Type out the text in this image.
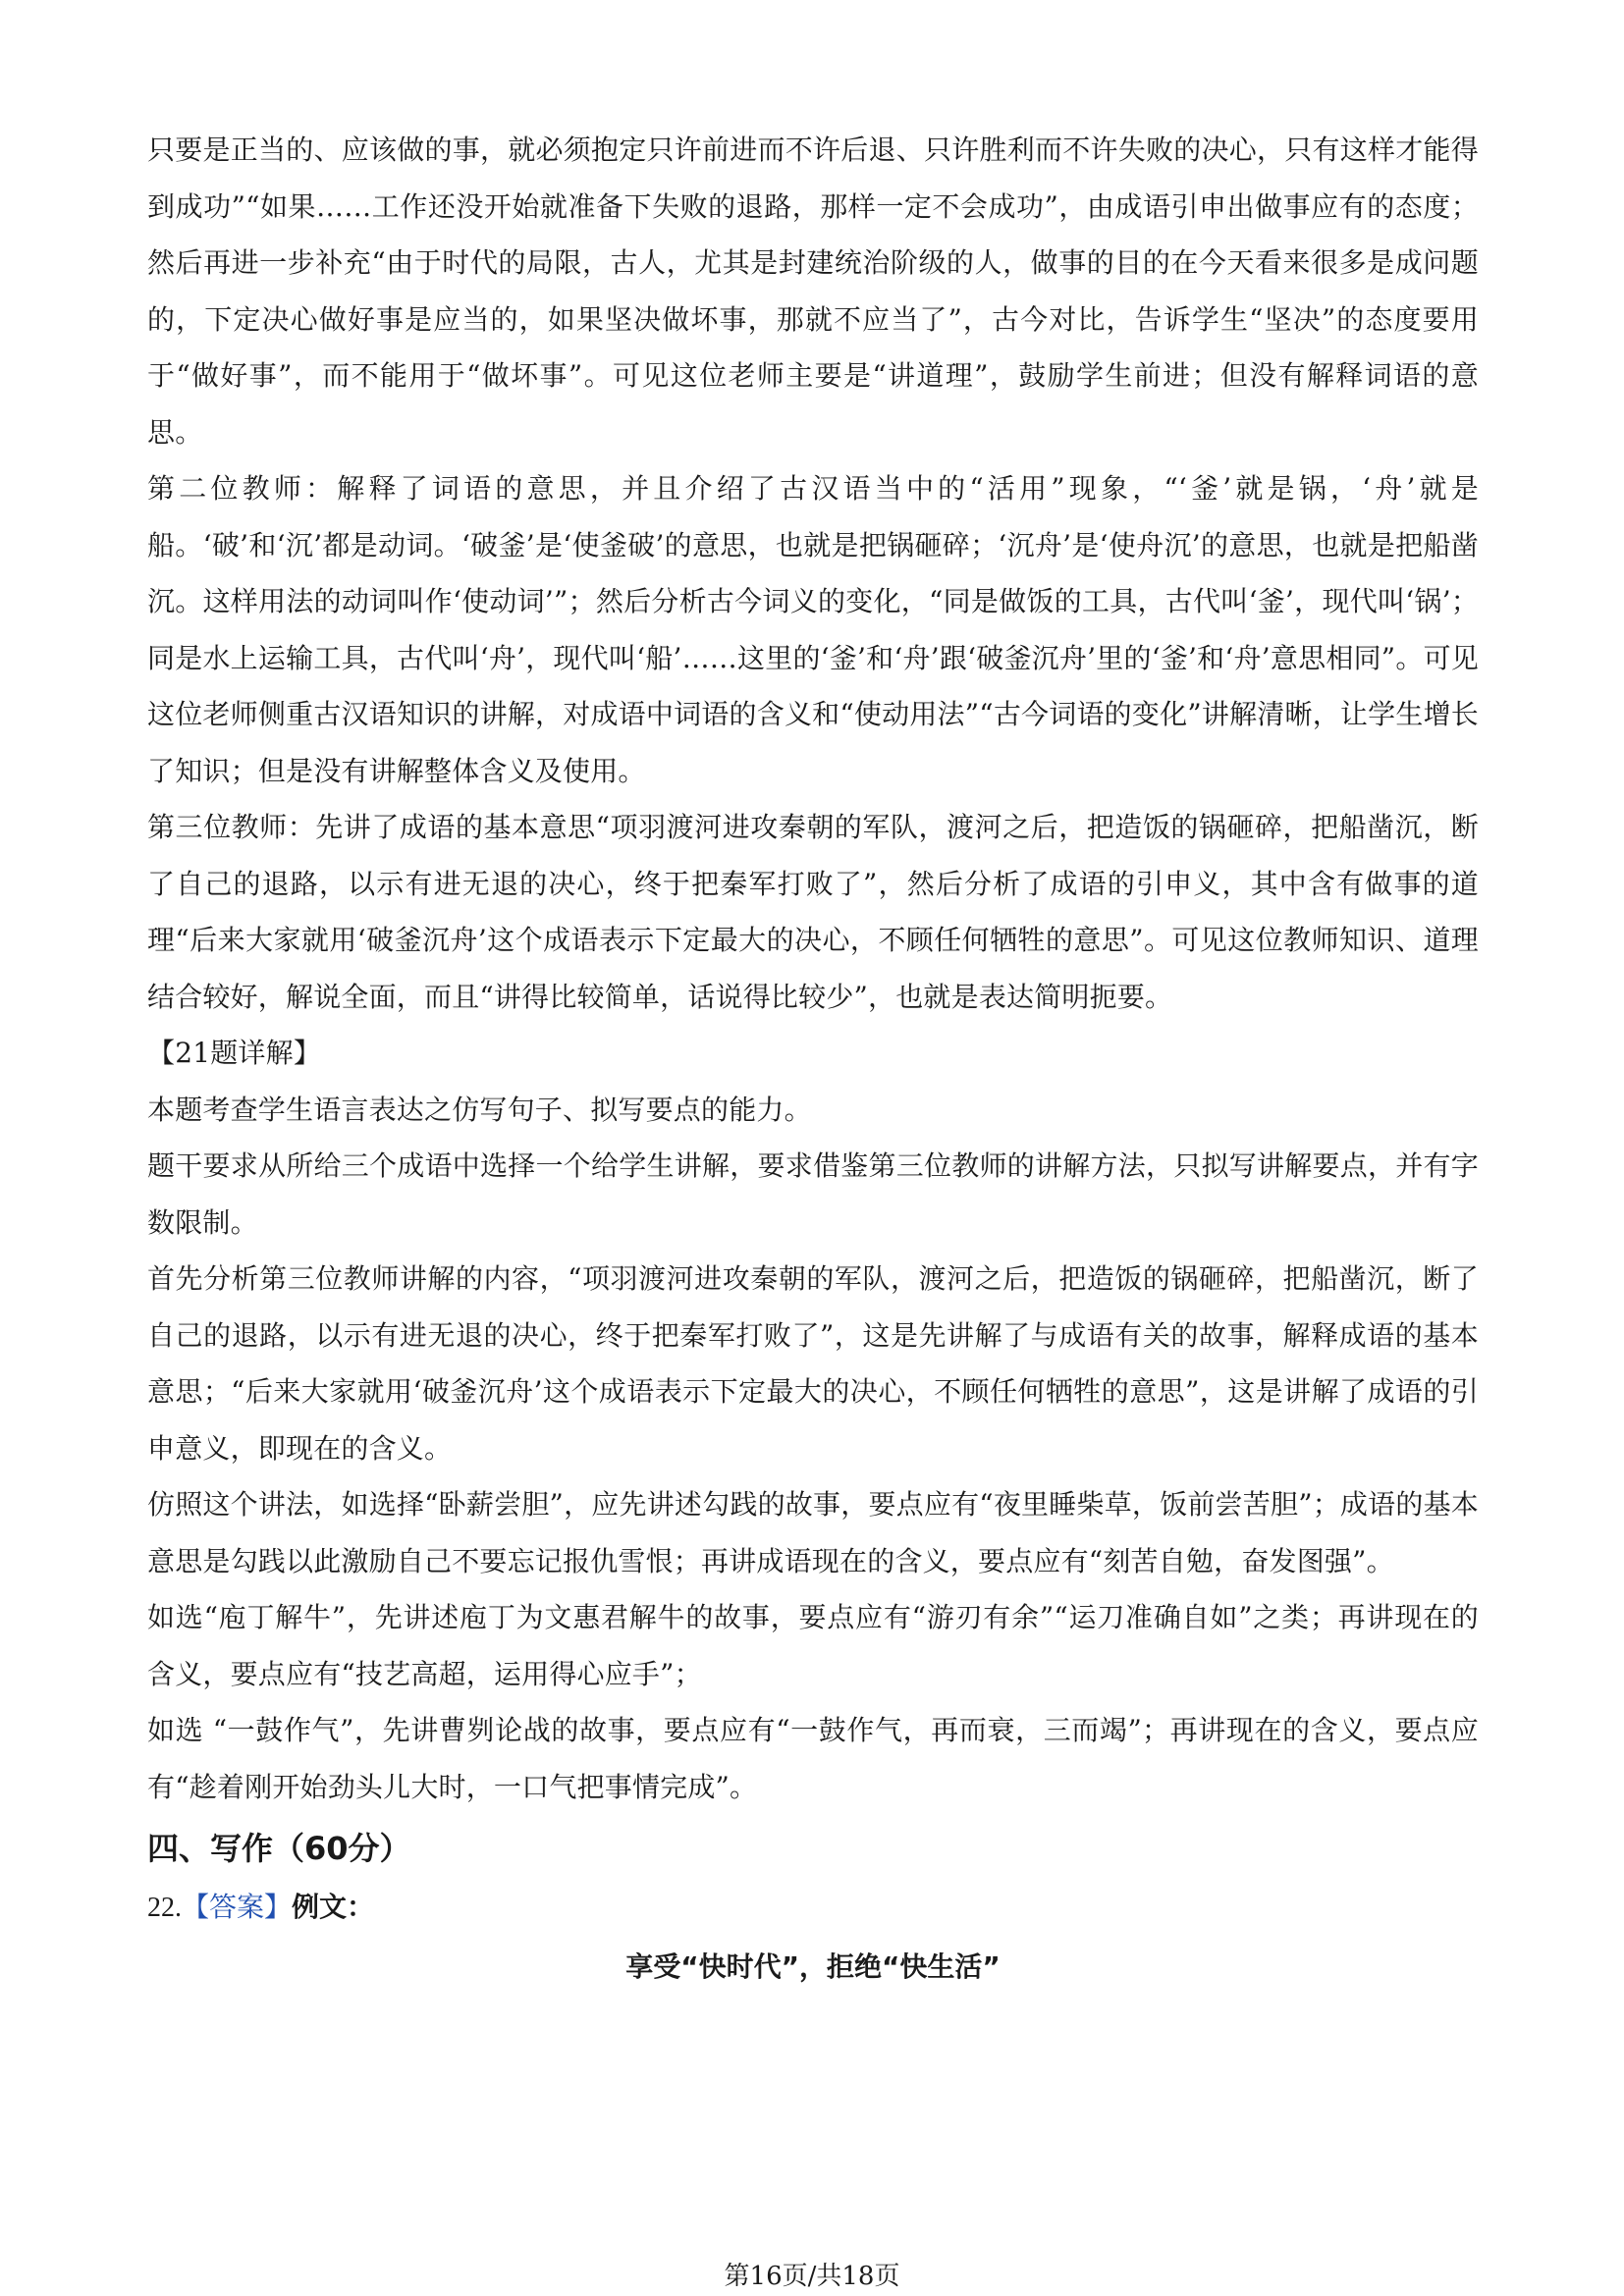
只要是正当的、应该做的事，就必须抱定只许前进而不许后退、只许胜利而不许失败的决心，只有这样才能得到成功”“如果……工作还没开始就准备下失败的退路，那样一定不会成功”，由成语引申出做事应有的态度；然后再进一步补充“由于时代的局限，古人，尤其是封建统治阶级的人，做事的目的在今天看来很多是成问题的，下定决心做好事是应当的，如果坚决做坏事，那就不应当了”，古今对比，告诉学生“坚决”的态度要用于“做好事”，而不能用于“做坏事”。可见这位老师主要是“讲道理”，鼓励学生前进；但没有解释词语的意思。

第二位教师：解释了词语的意思，并且介绍了古汉语当中的“活用”现象，“‘釜’就是锅，‘舟’就是船。‘破’和‘沉’都是动词。‘破釜’是‘使釜破’的意思，也就是把锅砸碎；‘沉舟’是‘使舟沉’的意思，也就是把船凿沉。这样用法的动词叫作‘使动词’”；然后分析古今词义的变化，“同是做饭的工具，古代叫‘釜’，现代叫‘锅’；同是水上运输工具，古代叫‘舟’，现代叫‘船’……这里的‘釜’和‘舟’跟‘破釜沉舟’里的‘釜’和‘舟’意思相同”。可见这位老师侧重古汉语知识的讲解，对成语中词语的含义和“使动用法”“古今词语的变化”讲解清晰，让学生增长了知识；但是没有讲解整体含义及使用。

第三位教师：先讲了成语的基本意思“项羽渡河进攻秦朝的军队，渡河之后，把造饭的锅砸碎，把船凿沉，断了自己的退路，以示有进无退的决心，终于把秦军打败了”，然后分析了成语的引申义，其中含有做事的道理“后来大家就用‘破釜沉舟’这个成语表示下定最大的决心，不顾任何牺牲的意思”。可见这位教师知识、道理结合较好，解说全面，而且“讲得比较简单，话说得比较少”，也就是表达简明扼要。

【21题详解】

本题考查学生语言表达之仿写句子、拟写要点的能力。

题干要求从所给三个成语中选择一个给学生讲解，要求借鉴第三位教师的讲解方法，只拟写讲解要点，并有字数限制。

首先分析第三位教师讲解的内容，“项羽渡河进攻秦朝的军队，渡河之后，把造饭的锅砸碎，把船凿沉，断了自己的退路，以示有进无退的决心，终于把秦军打败了”，这是先讲解了与成语有关的故事，解释成语的基本意思；“后来大家就用‘破釜沉舟’这个成语表示下定最大的决心，不顾任何牺牲的意思”，这是讲解了成语的引申意义，即现在的含义。

仿照这个讲法，如选择“卧薪尝胆”，应先讲述勾践的故事，要点应有“夜里睡柴草，饭前尝苦胆”；成语的基本意思是勾践以此激励自己不要忘记报仇雪恨；再讲成语现在的含义，要点应有“刻苦自勉，奋发图强”。

如选“庖丁解牛”，先讲述庖丁为文惠君解牛的故事，要点应有“游刃有余”“运刀准确自如”之类；再讲现在的含义，要点应有“技艺高超，运用得心应手”；

如选 “一鼓作气”，先讲曹刿论战的故事，要点应有“一鼓作气，再而衰，三而竭”；再讲现在的含义，要点应有“趁着刚开始劲头儿大时，一口气把事情完成”。

四、写作（60分）

22.【答案】例文：

享受“快时代”，拒绝“快生活”

第16页/共18页
